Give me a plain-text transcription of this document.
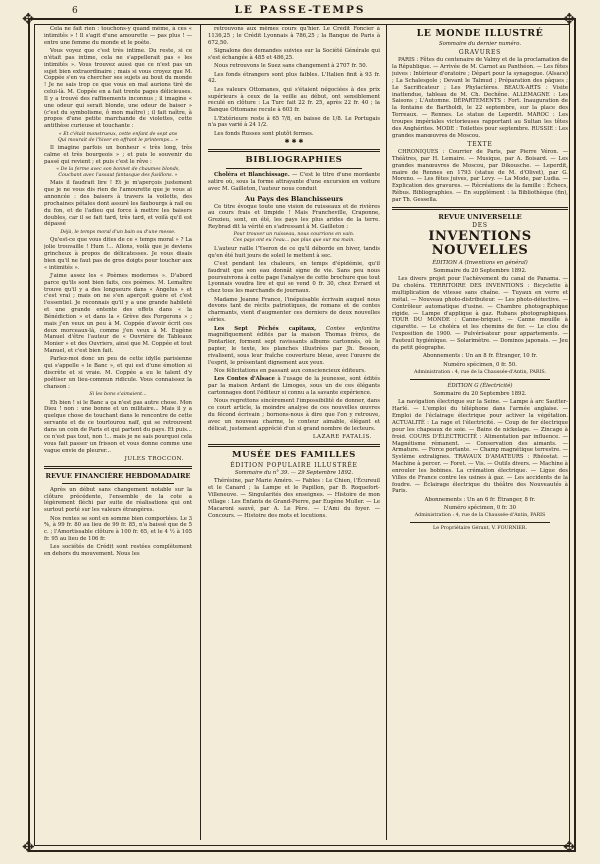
6	LE PASSE-TEMPS
✥	✥
✥	✥

Cela ne fait rien : touchons-y quand même, à ces « intimités » ! Il s'agit d'une amourette — pas plus ! — entre une femme du monde et le poète.

Vous voyez que c'est très intime. Du reste, si ce n'était pas intime, cela ne s'appellerait pas « les intimités ». Vous trouvez aussi que ce n'est pas un sujet bien extraordinaire ; mais si vous croyez que M. Coppée s'en va chercher ses sujets au bout du monde ! Je ne sais trop ce que vous en mal aurions tiré de celui-là. M. Coppée en a fait trente pages délicieuses. Il y a trouvé des raffinements inconnus ; il imagine « une odeur qui serait blonde, une odeur de baiser » (c'est du symbolisme, ô mon maître) ; il fait naître, à propos d'une petite marchande de violettes, cette antithèse curieuse et touchante :

« Et c'était monstrueux, cette enfant de sept ans
Qui mourait de l'hiver en offrant le printemps... »

Il imagine parfois un bonheur « très long, très calme et très bourgeois » ; et puis le souvenir du passé qui revient ; et puis c'est le rêve :

« De la ferme avec son bonnet de chaumes blonds,
Couchant avec l'assaut fantasque des fusillons. »

Mais il faudrait lire ! Et je m'aperçois justement que je ne vous dis rien de l'amourette que je vous ai annoncée : des baisers à travers la voilette, des prochaines pétales dont assuré les faubourgs à rail ou du fon, et de l'adieu qui force à mettre les baisers doubles, car il se fait tard, très tard, et voilà qu'il est dépassé

Déjà, le temps moral d'un bain ou d'une messe.

Qu'est-ce que vous dites de ce « temps moral » ? La jolie trouvaille ! Hum !... Allons, voilà que je deviens grincheux à propos de délicatesses. Je vous disais bien qu'il ne faut pas de gros doigts pour toucher aux « intimités ».

J'aime assez les « Poèmes modernes ». D'abord parce qu'ils sont bien faits, ces poèmes. M. Lemaître trouve qu'il y a des longueurs dans « Angelus » et c'est vrai ; mais on ne s'en aperçoit guère et c'est l'essentiel. Je reconnais qu'il y a une grande habileté et une grande entente des effets dans « la Bénédiction » et dans la « Grève des Forgerons » ; mais j'en veux un peu à M. Coppée d'avoir écrit ces deux morceaux-là, comme j'en veux à M. Eugène Manuel d'être l'auteur de « Ouvrière de Tableaux Monier » et des Ouvriers, ainsi que M. Coppée et tout Manuel, et c'est bien fait.

Parlez-moi donc un peu de cette idylle parisienne qui s'appelle « le Banc », et qui est d'une émotion si discrète et si vraie. M. Coppée a eu le talent d'y poétiser un lieu-commun ridicule. Vous connaissez la chanson :

Si les bons s'aimaient...

Eh bien ! si le Banc a ça n'est pas autre chose. Mon Dieu ! non : une bonne et un militaire... Mais il y a quelque chose de touchant dans le rencontre de cette servante et de ce tourlourou naïf, qui se retrouvent dans un coin de Paris et qui partent du pays. Et puis... ce n'est pas tout, non !... mais je ne sais pourquoi cela vous fait passer un frisson et vous donne comme une vague envie de pleurer...

JULES TROCCON.
REVUE FINANCIÈRE HEBDOMADAIRE

Après un début sans changement notable sur la clôture précédente, l'ensemble de la cote a légèrement fléchi par suite de réalisations qui ont surtout porté sur les valeurs étrangères.

Nos rentes se sont en somme bien comportées. Le 3 %, à 99 fr. 80 au lieu de 99 fr. 85, n'a baissé que de 5 c. ; l'Amortissable clôture à 100 fr. 65, et le 4 ½ à 105 fr. 95 au lieu de 106 fr.

Les sociétés de Crédit sont restées complètement en dehors du mouvement. Nous les

retrouvons aux mêmes cours qu'hier. Le Crédit Foncier à 1136,25 ; le Crédit Lyonnais à 786,25 ; la Banque de Paris à 672,50.

Signalons des demandes suivies sur la Société Générale qui s'est échangée à 485 et 486,25.

Nous retrouvons le Suez sans changement à 2707 fr. 50.

Les fonds étrangers sont plus faibles. L'Italien finit à 93 fr. 42.

Les valeurs Ottomanes, qui s'étaient négociées à des prix supérieurs à ceux de la veille au début, ont sensiblement reculé en clôture : La Turc fait 22 fr. 25, après 22 fr. 40 ; la Banque Ottomane recule à 603 fr.

L'Extérieure reste à 65 7/8, en baisse de 1/8. Le Portugais n'a pas varié à 24 1/2.

Les fonds Russes sont plutôt fermes.

✱ ✱ ✱
BIBLIOGRAPHIES

Choléra et Blanchissage. — C'est le titre d'une mordante satire où, sous la forme attrayante d'une excursion en voiture avec M. Gailleton, l'auteur nous conduit

Au Pays des Blanchisseurs

Ce titre évoque toute une vision de ruisseaux et de rivières au cours frais et limpide ! Mais Francheville, Craponne, Grezieu, sont, en été, les pays les plus arides de la terre. Reybrad dit la vérité en s'adressant à M. Gailleton :

Pour trouver un ruisseau, nous courrions en vain.
Ces pays ont eu l'eau... pas plus que sur ma main.

L'auteur raille l'Yseron de ce qu'il déborde en hiver, tandis qu'en été huit jours de soleil le mettent à sec.

C'est pendant les chaleurs, en temps d'épidémie, qu'il faudrait que son eau donnât signe de vie. Sans peu nous poursuivrons à cette page l'analyse de cette brochure que tout Lyonnais voudra lire et qui se vend 0 fr. 30, chez Evrard et chez tous les marchands de journaux.

Madame Jeanne France, l'inépuisable écrivain auquel nous devons tant de récits patriotiques, de romans et de contes charmants, vient d'augmenter ces derniers de deux nouvelles séries.

Les Sept Péchés capitaux, Contes enfantins magnifiquement édités par la maison Thomas frères, de Pontarlier, forment sept ravissants albums cartonnés, où le papier, le texte, les planches illustrées par Jh. Besson, rivalisent, sous leur fraîche couverture bleue, avec l'œuvre de l'esprit, le présentant dignement aux yeux.

Nos félicitations en passant aux consciencieux éditeurs.

Les Contes d'Alsace à l'usage de la jeunesse, sont édités par la maison Ardant de Limoges, sous un de ces élégants cartonnages dont l'éditeur si connu a la savante expérience.

Nous regrettons sincèrement l'impossibilité de donner, dans ce court article, la moindre analyse de ces nouvelles œuvres du fécond écrivain ; bornons-nous à dire que l'on y retrouve, avec un nouveau charme, le conteur aimable, élégant et délicat, justement apprécié d'un si grand nombre de lecteurs.

LAZARE FATALIS.
MUSÉE DES FAMILLES
ÉDITION POPULAIRE ILLUSTRÉE

Sommaire du n° 39. — 29 Septembre 1892.

Thérésine, par Marie Améro. — Fables : Le Chien, l'Écureuil et le Canard ; la Lampe et le Papillon, par B. Roquefort-Villeneuve. — Singularités des enseignes. — Histoire de mon village : Les Enfants de Grand-Pierre, par Eugène Muller. — Le Macaroni sauvé, par A. Le Père. — L'Ami du foyer. — Concours. — Histoire des mots et locutions.

LE MONDE ILLUSTRÉ

Sommaire du dernier numéro.

GRAVURES

PARIS : Fêtes du centenaire de Valmy et de la proclamation de la République. — Arrivée de M. Carnot au Panthéon. — Les fêtes juives : Intérieur d'oratoire ; Départ pour la synagogue. (Alsace) ; La Schalesgole ; Devant le Talmud ; Préparation des pâques ; Le Sacrificateur ; Les Phylactères. BEAUX-ARTS : Visite inattendue, tableau de M. Ch. Dechêne. ALLEMAGNE : Les Saisons ; L'Automne. DÉPARTEMENTS : Fort. Inauguration de la fontaine de Bartholdi, le 22 septembre, sur la place des Terreaux. — Rennes. Le statue de Leperdit. MAROC : Les troupes impériales victorieuses rapportant au Sultan les têtes des Anghérites. MODE : Toilettes pour septembre. RUSSIE : Les grandes manœuvres de Moscou.

TEXTE

CHRONIQUES : Courrier de Paris, par Pierre Véron. — Théâtres, par H. Lemaire. — Musique, par A. Boisard. — Les grandes manœuvres de Moscou, par Dikousche. — Leperdit, maire de Rennes en 1793 (statue de M. d'Olivet), par G. Moreno. — Les fêtes juives, par Levy. — La Mode, par Ludia. — Explication des gravures. — Récréations de la famille : Échecs, Rébus. Bibliographies. — En supplément : la Bibliothèque (fin), par Th. Gessella.

REVUE UNIVERSELLE
DES
INVENTIONS NOUVELLES

ÉDITION A (Inventions en général)

Sommaire du 20 Septembre 1892.

Les divers projet pour l'achèvement du canal de Panama. — Du choléra. TERRITOIRE DES INVENTIONS : Bicyclette à multiplication de vitesse sans chaîne. — Tuyaux en verre et métal. — Nouveau photo-distributeur. — Les photo-détective. — Contrôleur automatique d'usine. — Chambre photographique rigide. — Lampe d'applique à gaz. Rubans photographiques. TOUR DU MONDE : Canne-briquet. — Canne mouille à cigarette. — Le choléra et les chemins de fer. — Le clou de l'exposition de 1900. — Pulvérisateur pour appartements. — Fauteuil hygiénique. — Solarimètre. — Dominos japonais. — Jeu du petit géographe.

Abonnements : Un an 8 fr. Étranger, 10 fr.

Numéro spécimen, 0 fr. 50.

Administration : 4, rue de la Chaussée-d'Antin, PARIS.

ÉDITION G (Électricité)

Sommaire du 20 Septembre 1892.

La navigation électrique sur la Seine. — Lampe à arc Sautter-Harlé. — L'emploi du téléphone dans l'armée anglaise. — Emploi de l'éclairage électrique pour activer la végétation. ACTUALITÉ : La rage et l'électricité. — Coup de fer électrique pour les chapeaux de soie. — Bains de nickelage. — Zincage à froid. COURS D'ÉLECTRICITÉ : Alimentation par influence. — Magnétisme rémanent. — Conservation des aimants. — Armature. — Force portante. — Champ magnétique terrestre. — Système extralignes. TRAVAUX D'AMATEURS : Rhéostat. — Machine à percer. — Foret. — Vis. — Outils divers. — Machine à enrouler les bobines. La crémation électrique. — Ligue des Villes de France contre les usines à gaz. — Les accidents de la foudre. — Éclairage électrique du théâtre des Nouveautés à Paris.

Abonnements : Un an 6 fr. Étranger, 8 fr.

Numéro spécimen, 0 fr. 30

Administration : 4, rue de la Chaussée-d'Antin, PARIS

Le Propriétaire Gérant, V. FOURNIER.
